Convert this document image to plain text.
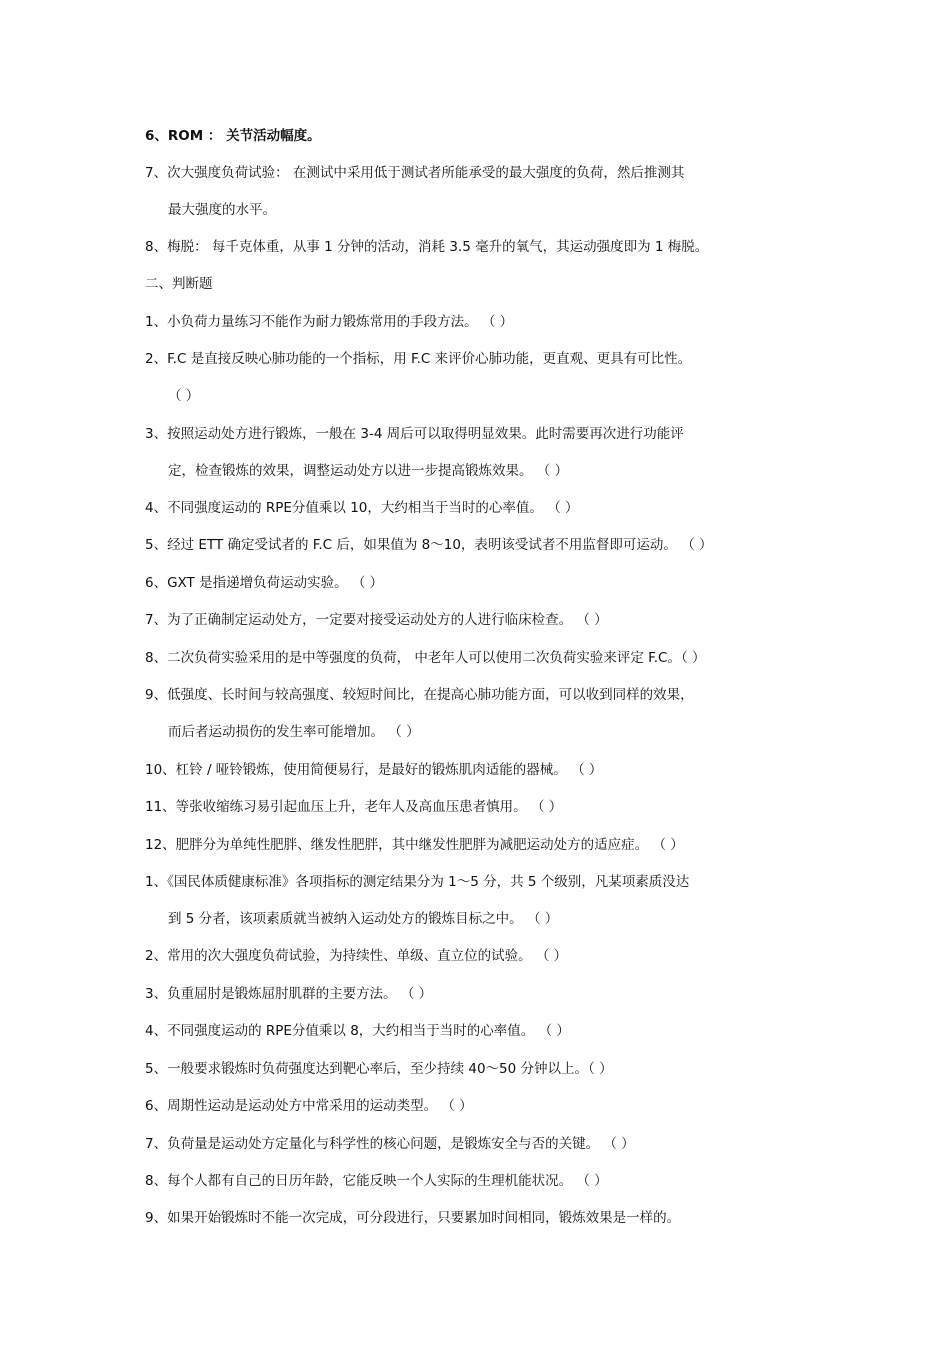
6、ROM ： 关节活动幅度。
7、次大强度负荷试验： 在测试中采用低于测试者所能承受的最大强度的负荷，然后推测其
最大强度的水平。
8、梅脱： 每千克体重，从事 1 分钟的活动，消耗 3.5 毫升的氧气，其运动强度即为 1 梅脱。
二、判断题
1、小负荷力量练习不能作为耐力锻炼常用的手段方法。 （ ）
2、F.C 是直接反映心肺功能的一个指标，用 F.C 来评价心肺功能，更直观、更具有可比性。
（ ）
3、按照运动处方进行锻炼，一般在 3-4 周后可以取得明显效果。此时需要再次进行功能评
定，检查锻炼的效果，调整运动处方以进一步提高锻炼效果。 （ ）
4、不同强度运动的 RPE分值乘以 10，大约相当于当时的心率值。 （ ）
5、经过 ETT 确定受试者的 F.C 后，如果值为 8～10，表明该受试者不用监督即可运动。 （ ）
6、GXT 是指递增负荷运动实验。 （ ）
7、为了正确制定运动处方，一定要对接受运动处方的人进行临床检查。 （ ）
8、二次负荷实验采用的是中等强度的负荷， 中老年人可以使用二次负荷实验来评定 F.C。（ ）
9、低强度、长时间与较高强度、较短时间比，在提高心肺功能方面，可以收到同样的效果，
而后者运动损伤的发生率可能增加。 （ ）
10、杠铃 / 哑铃锻炼，使用简便易行，是最好的锻炼肌肉适能的器械。 （ ）
11、等张收缩练习易引起血压上升，老年人及高血压患者慎用。 （ ）
12、肥胖分为单纯性肥胖、继发性肥胖，其中继发性肥胖为减肥运动处方的适应症。 （ ）
1、《国民体质健康标准》各项指标的测定结果分为 1～5 分，共 5 个级别，凡某项素质没达
到 5 分者，该项素质就当被纳入运动处方的锻炼目标之中。 （ ）
2、常用的次大强度负荷试验，为持续性、单级、直立位的试验。 （ ）
3、负重屈肘是锻炼屈肘肌群的主要方法。 （ ）
4、不同强度运动的 RPE分值乘以 8，大约相当于当时的心率值。 （ ）
5、一般要求锻炼时负荷强度达到靶心率后，至少持续 40～50 分钟以上。（ ）
6、周期性运动是运动处方中常采用的运动类型。 （ ）
7、负荷量是运动处方定量化与科学性的核心问题，是锻炼安全与否的关键。 （ ）
8、每个人都有自己的日历年龄，它能反映一个人实际的生理机能状况。 （ ）
9、如果开始锻炼时不能一次完成，可分段进行，只要累加时间相同，锻炼效果是一样的。
